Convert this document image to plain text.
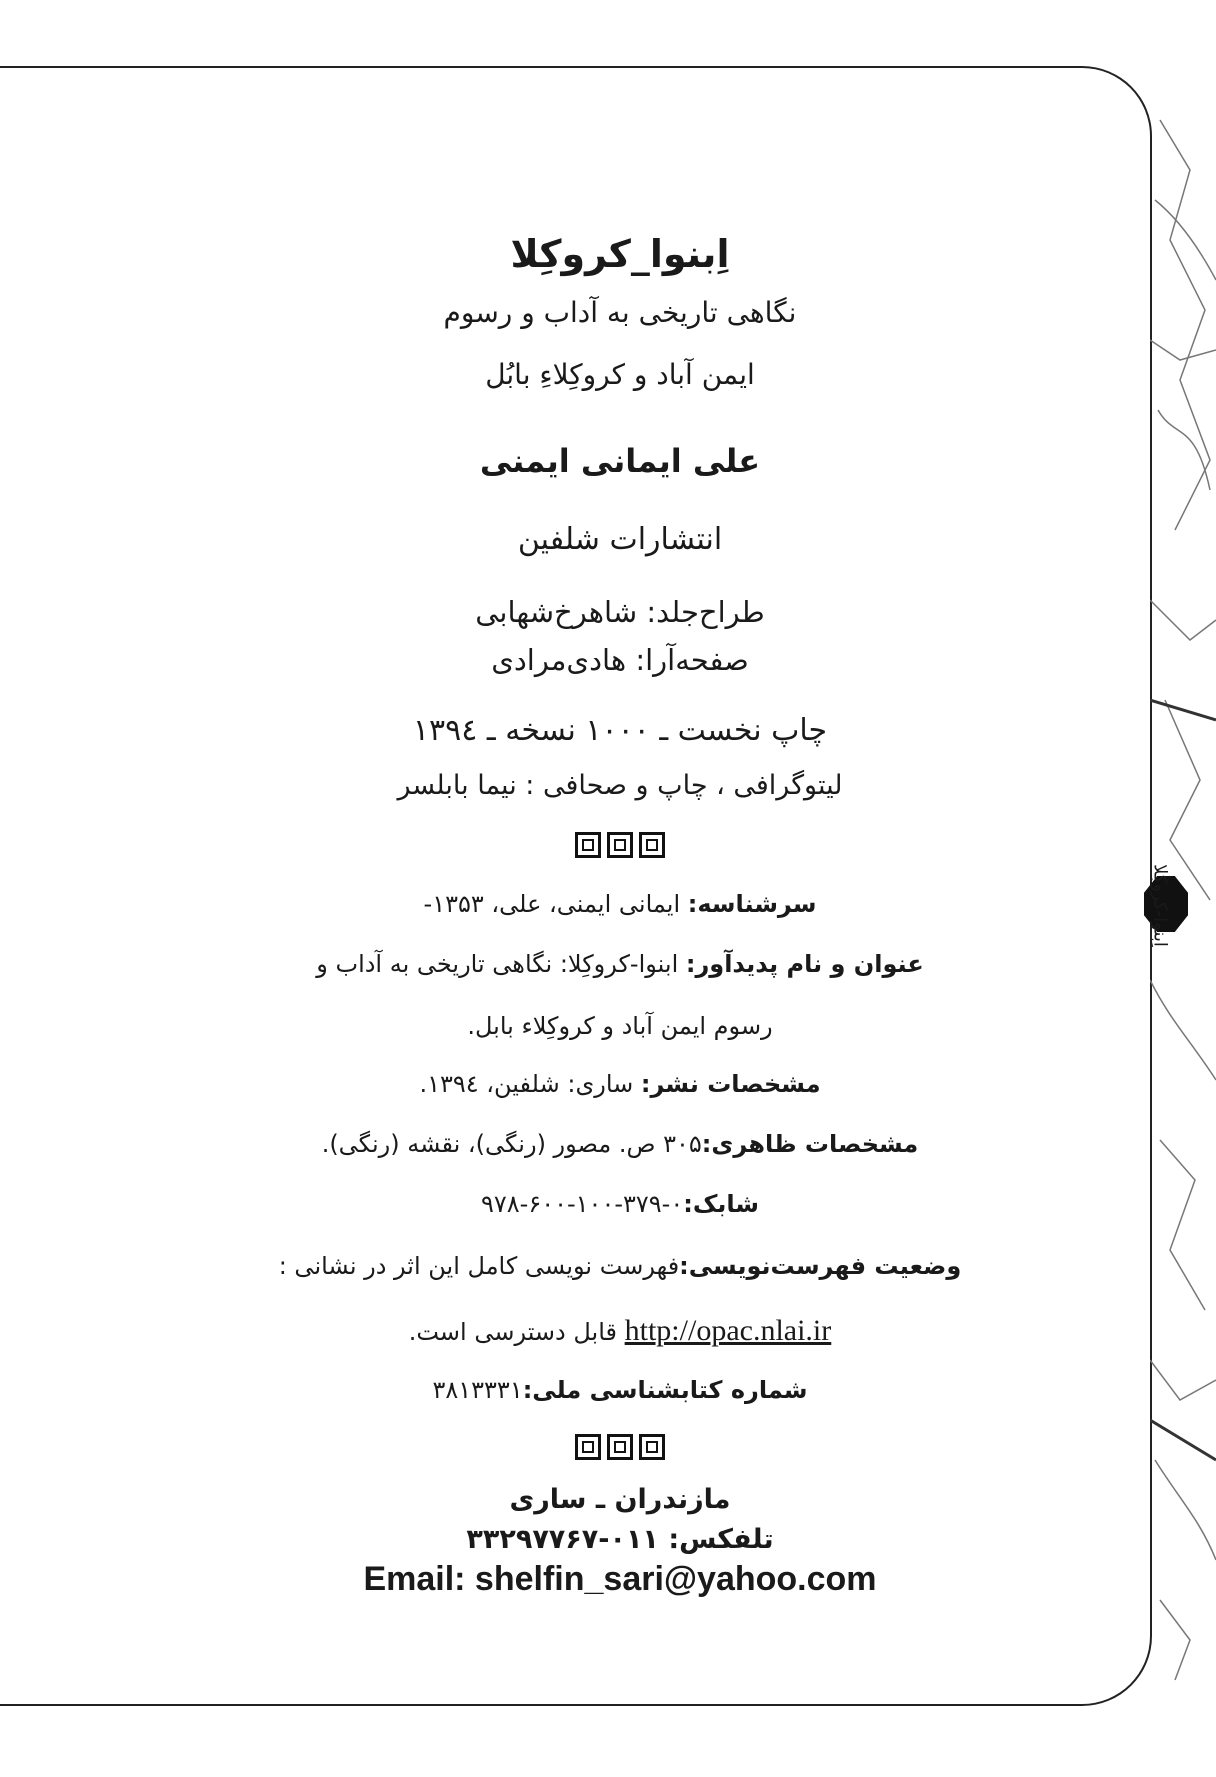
اِبنوا-کروکِلا
اِبنوا_کروکِلا
نگاهی تاریخی به آداب و رسوم
ایمن آباد و کروکِلاءِ بابُل
علی ایمانی ایمنی
انتشارات شلفین
طراح‌جلد: شاهرخ‌شهابی
صفحه‌آرا: هادی‌مرادی
چاپ نخست ـ ۱۰۰۰ نسخه ـ ۱۳۹٤
لیتوگرافی ، چاپ و صحافی : نیما بابلسر
سرشناسه: ایمانی ایمنی، علی، ۱۳۵۳-
عنوان و نام پدیدآور: ابنوا-کروکِلا: نگاهی تاریخی به آداب و
رسوم ایمن آباد و کروکِلاء بابل.
مشخصات نشر: ساری: شلفین، ۱۳۹٤.
مشخصات ظاهری:۳۰۵ ص. مصور (رنگی)، نقشه (رنگی).
شابک:۰-۳۷۹-۱۰۰-۶۰۰-۹۷۸
وضعیت فهرست‌نویسی:فهرست نویسی کامل این اثر در نشانی :
http://opac.nlai.ir قابل دسترسی است.
شماره کتابشناسی ملی:۳۸۱۳۳۳۱
مازندران ـ ساری
تلفکس: ۰۱۱-۳۳۲۹۷۷۶۷
Email: shelfin_sari@yahoo.com
